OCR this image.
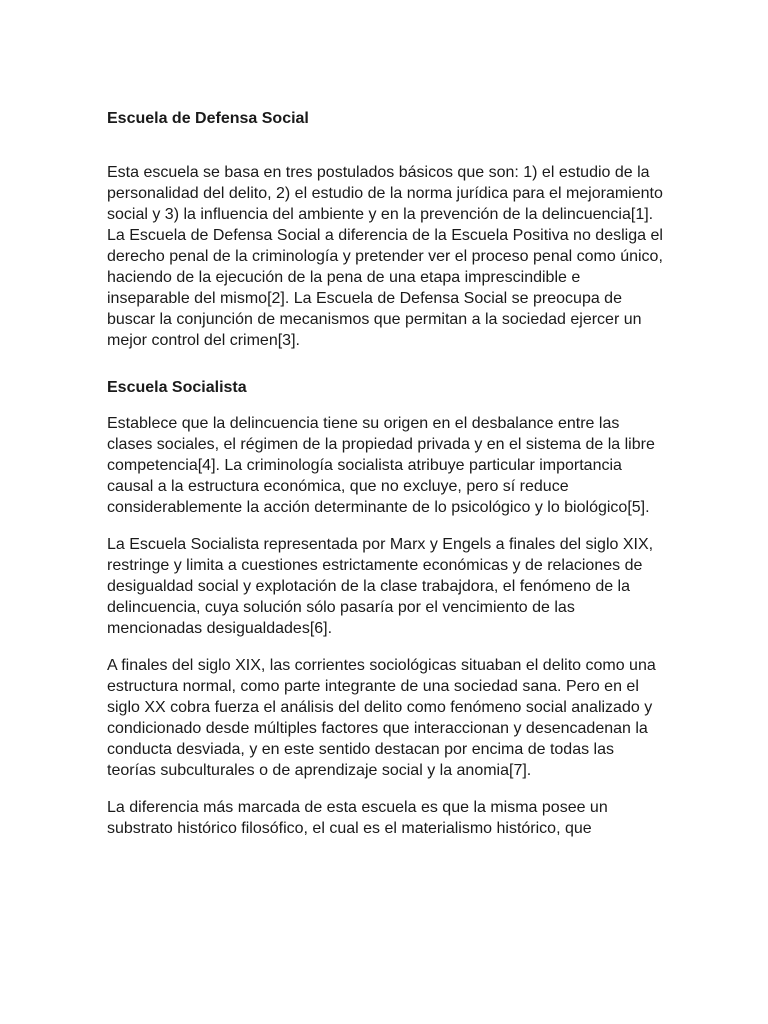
Escuela de Defensa Social

Esta escuela se basa en tres postulados básicos que son: 1) el estudio de la personalidad del delito, 2) el estudio de la norma jurídica para el mejoramiento social y 3) la influencia del ambiente y en la prevención de la delincuencia[1].

La Escuela de Defensa Social a diferencia de la Escuela Positiva no desliga el derecho penal de la criminología y pretender ver el proceso penal como único, haciendo de la ejecución de la pena de una etapa imprescindible e inseparable del mismo[2]. La Escuela de Defensa Social se preocupa de buscar la conjunción de mecanismos que permitan a la sociedad ejercer un mejor control del crimen[3].

Escuela Socialista

Establece que la delincuencia tiene su origen en el desbalance entre las clases sociales, el régimen de la propiedad privada y en el sistema de la libre competencia[4]. La criminología socialista atribuye particular importancia causal a la estructura económica, que no excluye, pero sí reduce considerablemente la acción determinante de lo psicológico y lo biológico[5].

La Escuela Socialista representada por Marx y Engels a finales del siglo XIX, restringe y limita a cuestiones estrictamente económicas y de relaciones de desigualdad social y explotación de la clase trabajdora, el fenómeno de la delincuencia, cuya solución sólo pasaría por el vencimiento de las mencionadas desigualdades[6].

A finales del siglo XIX, las corrientes sociológicas situaban el delito como una estructura normal, como parte integrante de una sociedad sana. Pero en el siglo XX cobra fuerza el análisis del delito como fenómeno social analizado y condicionado desde múltiples factores que interaccionan y desencadenan la conducta desviada, y en este sentido destacan por encima de todas las teorías subculturales o de aprendizaje social y la anomia[7].

La diferencia más marcada de esta escuela es que la misma posee un substrato histórico filosófico, el cual es el materialismo histórico, que
